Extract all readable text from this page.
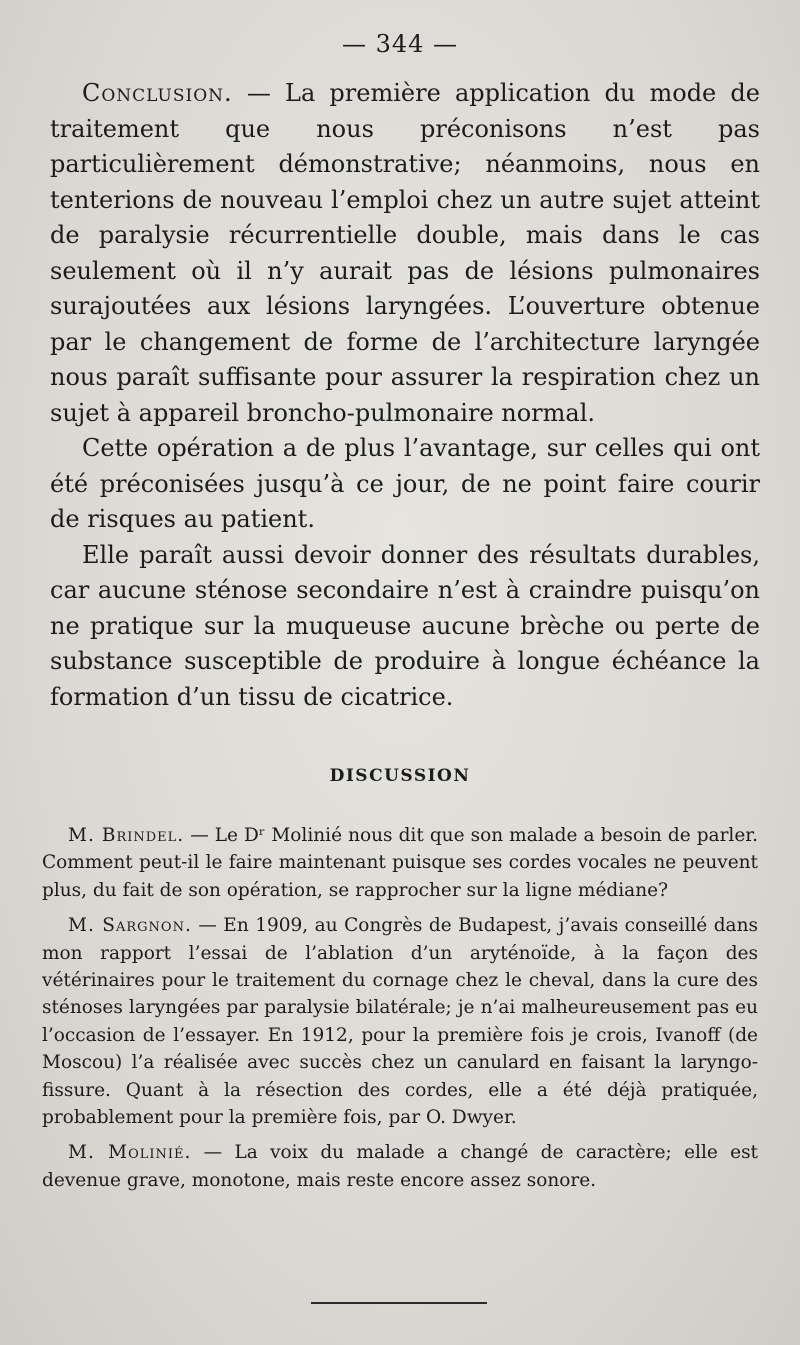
— 344 —

Conclusion. — La première application du mode de traitement que nous préconisons n’est pas particulièrement démonstrative; néanmoins, nous en tenterions de nouveau l’emploi chez un autre sujet atteint de paralysie récurrentielle double, mais dans le cas seulement où il n’y aurait pas de lésions pulmonaires surajoutées aux lésions laryngées. L’ouverture obtenue par le changement de forme de l’architecture laryngée nous paraît suffisante pour assurer la respiration chez un sujet à appareil broncho-pulmonaire normal.

Cette opération a de plus l’avantage, sur celles qui ont été préconisées jusqu’à ce jour, de ne point faire courir de risques au patient.

Elle paraît aussi devoir donner des résultats durables, car aucune sténose secondaire n’est à craindre puisqu’on ne pratique sur la muqueuse aucune brèche ou perte de substance susceptible de produire à longue échéance la formation d’un tissu de cicatrice.

DISCUSSION

M. Brindel. — Le Dʳ Molinié nous dit que son malade a besoin de parler. Comment peut-il le faire maintenant puisque ses cordes vocales ne peuvent plus, du fait de son opération, se rapprocher sur la ligne médiane?

M. Sargnon. — En 1909, au Congrès de Budapest, j’avais conseillé dans mon rapport l’essai de l’ablation d’un aryténoïde, à la façon des vétérinaires pour le traitement du cornage chez le cheval, dans la cure des sténoses laryngées par paralysie bilatérale; je n’ai malheureusement pas eu l’occasion de l’essayer. En 1912, pour la première fois je crois, Ivanoff (de Moscou) l’a réalisée avec succès chez un canulard en faisant la laryngo-fissure. Quant à la résection des cordes, elle a été déjà pratiquée, probablement pour la première fois, par O. Dwyer.

M. Molinié. — La voix du malade a changé de caractère; elle est devenue grave, monotone, mais reste encore assez sonore.
